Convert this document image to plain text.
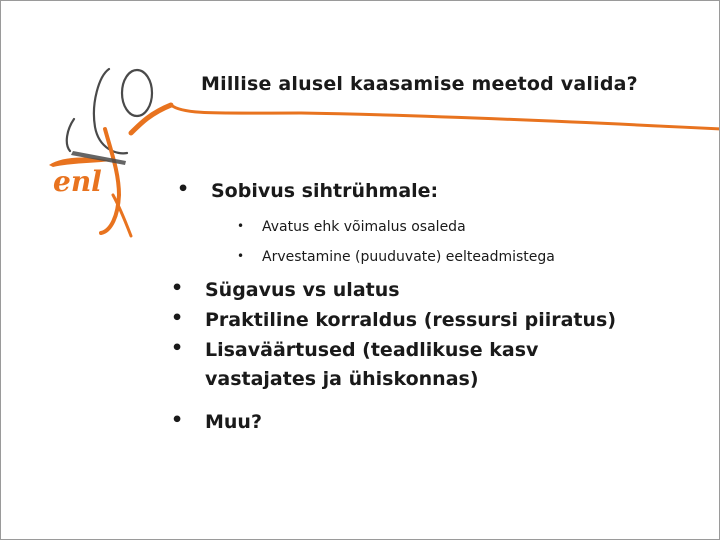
enl
Millise alusel kaasamise meetod valida?
• Sobivus sihtrühmale:
• Avatus ehk võimalus osaleda
• Arvestamine (puuduvate) eelteadmistega
• Sügavus vs ulatus
• Praktiline korraldus (ressursi piiratus)
• Lisaväärtused (teadlikuse kasv
vastajates ja ühiskonnas)
• Muu?
